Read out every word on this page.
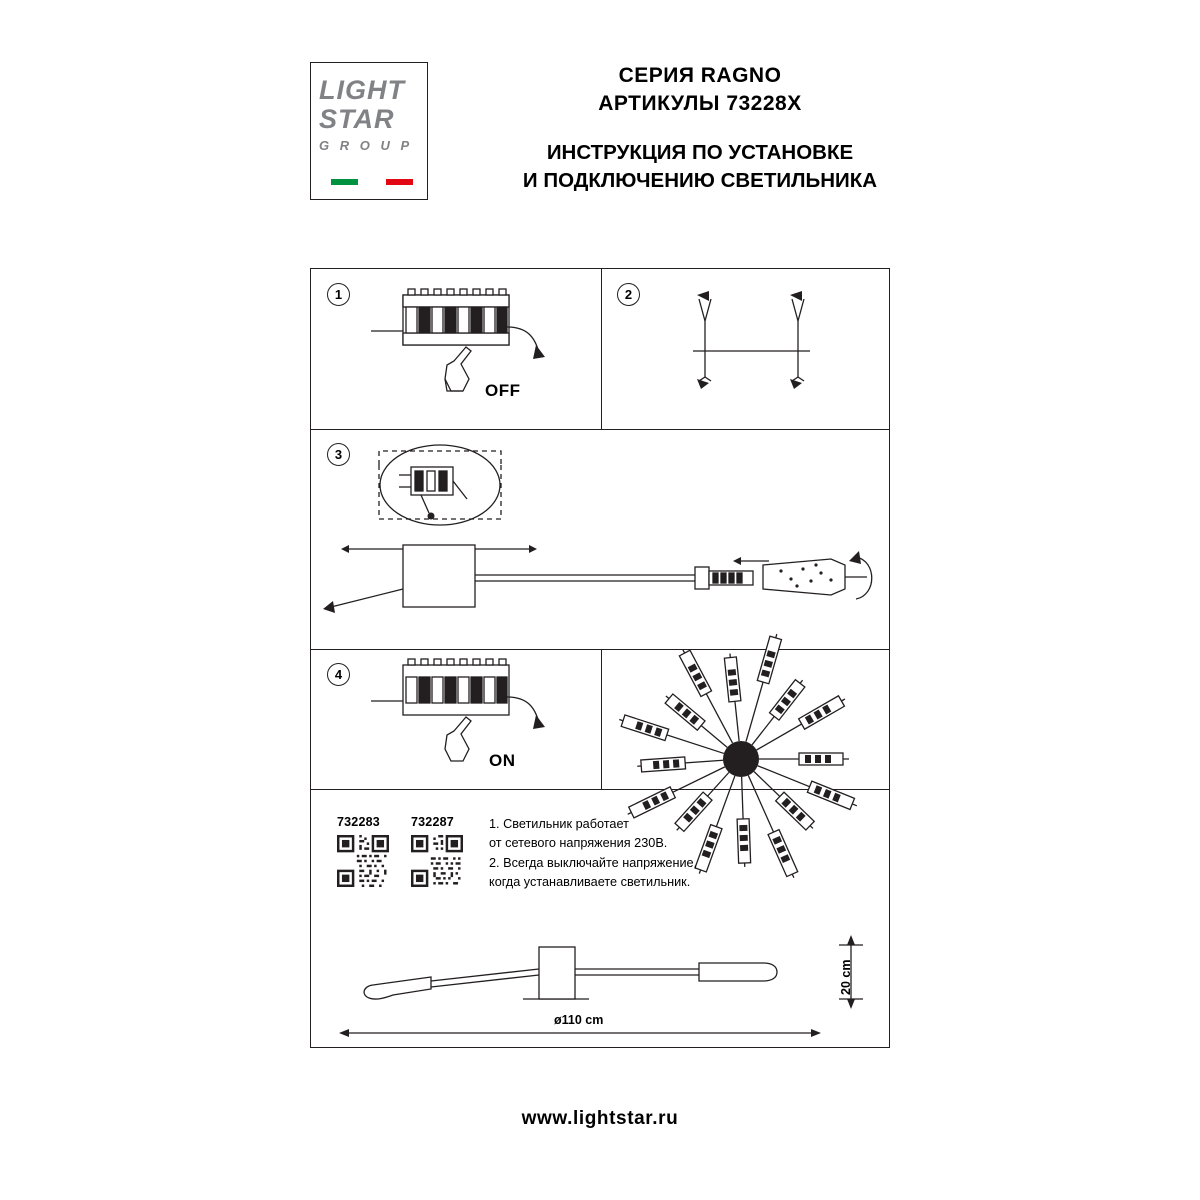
LIGHT
STAR
G R O U P
СЕРИЯ RAGNO
АРТИКУЛЫ 73228X
ИНСТРУКЦИЯ ПО УСТАНОВКЕ
И ПОДКЛЮЧЕНИЮ СВЕТИЛЬНИКА
1	2
3
4
OFF
ON
732283 732287	1. Светильник работает
от сетевого напряжения 230В.
2. Всегда выключайте напряжение,
когда устанавливаете светильник.
ø110 cm
20 cm
www.lightstar.ru
